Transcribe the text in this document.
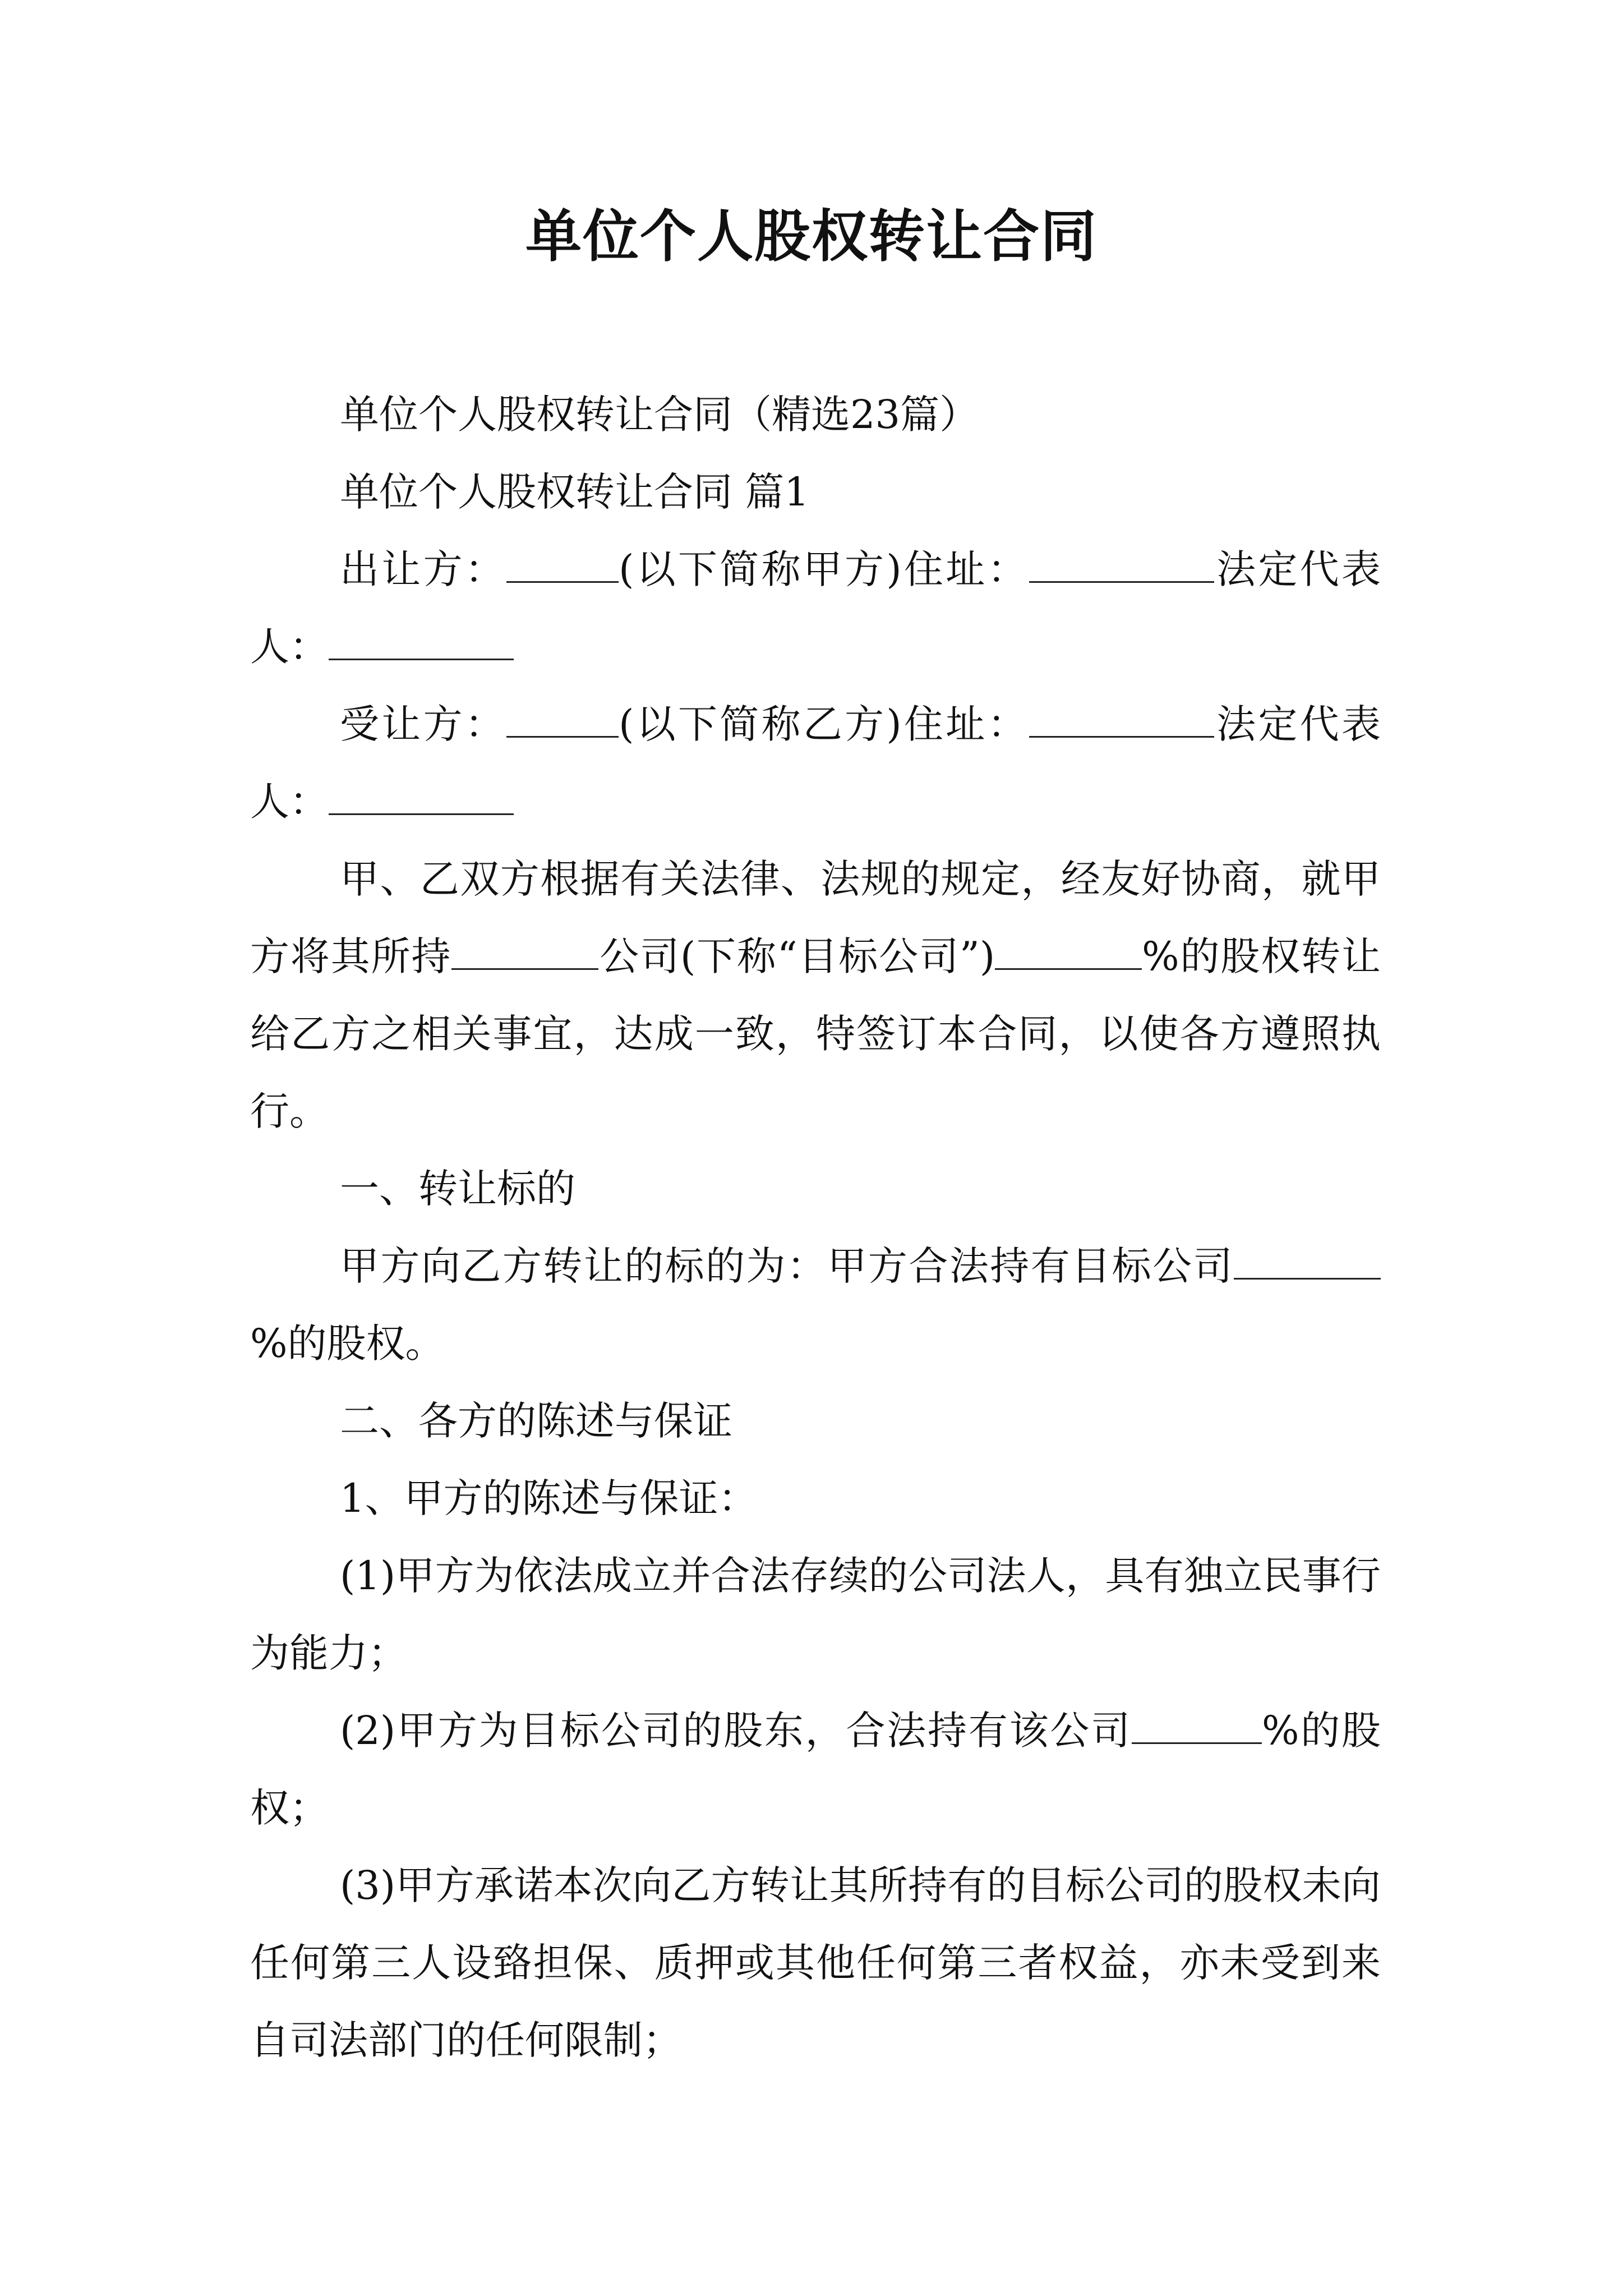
单位个人股权转让合同

单位个人股权转让合同（精选23篇）

单位个人股权转让合同 篇1

出让方：	(以下简称甲方)住址：	法定代表人：

受让方：	(以下简称乙方)住址：	法定代表人：

甲、乙双方根据有关法律、法规的规定，经友好协商，就甲方将其所持	公司(下称“目标公司”)	%的股权转让给乙方之相关事宜，达成一致，特签订本合同，以使各方遵照执行。

一、转让标的

甲方向乙方转让的标的为：甲方合法持有目标公司%的股权。

二、各方的陈述与保证

1、甲方的陈述与保证：

(1)甲方为依法成立并合法存续的公司法人，具有独立民事行为能力；

(2)甲方为目标公司的股东，合法持有该公司	%的股权；

(3)甲方承诺本次向乙方转让其所持有的目标公司的股权未向任何第三人设臵担保、质押或其他任何第三者权益，亦未受到来自司法部门的任何限制；
